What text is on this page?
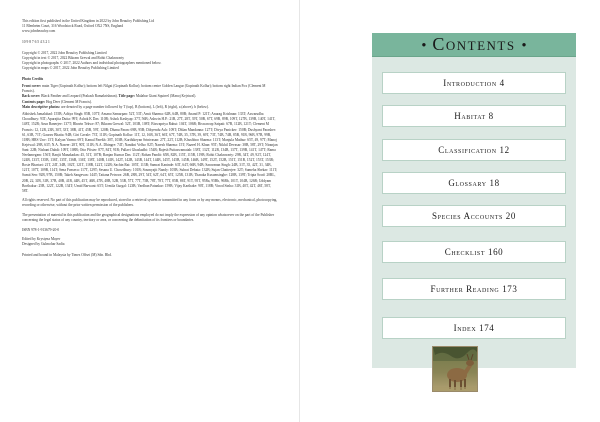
This edition first published in the United Kingdom in 2022 by John Beaufoy Publishing Ltd
11 Blenheim Court, 316 Woodstock Road, Oxford OX2 7NS, England
www.johnbeaufoy.com

10 9 8 7 6 5 4 3 2 1

Copyright © 2017, 2022 John Beaufoy Publishing Limited
Copyright in text © 2017, 2022 Bikram Grewal and Rohit Chakravarty
Copyright in photographs © 2017, 2022 Authors and individual photographers mentioned below.
Copyright in maps © 2017, 2022 John Beaufoy Publishing Limited

Photo Credits

Front cover: main Tiger (Gopinath Kollur); bottom left Nilgai (Gopinath Kollur); bottom centre Golden Langur (Gopinath Kollur); bottom right Indian Fox (Clement M Francis).
Back cover: Black Panther and Leopard (Prakash Ramakrishnan). Title page: Malabar Giant Squirrel (Manoj Kejriwal).
Contents page: Hog Deer (Clement M Francis).
Main descriptive photos: are denoted by a page number followed by T (top), B (bottom), L (left), R (right), a (above), b (below).

Abhishek Jamalabad: 155B; Aditya Singh: 85B, 107T; Amano Samarpan: 52T, 53T; Amit Sharma: 62B, 64B, 80B; Anand P: 121T; Anurag Krishnan: 133T; Aswarudha Choudhury: 93T; Apurajita Dutta: 99T; Ashok K Das: 110B; Ashok Kashyap: 37T, 56B; Ashwin H.P.: 21B, 27T, 28T, 39T, 50B, 67T, 69B, 89B, 109T, 127B, 139B, 140T, 141T, 148T, 152B; Arun Banerjee: 137T; Bhavin Tekwe: 87; Bikram Grewal: 52T, 103B, 108T; Biswapriya Rahut: 104T, 106B; Biswaroop Satpati: 67B, 112B, 121T; Clement M Francis: 12, 12B, 23B, 30T, 33T, 38B, 41T, 45B, 59T, 120B; Dhanu Paran: 69B, 95B; Dibyendu Ash: 109T; Dhlan Mandanna: 127T; Divya Panicker: 150B; Dushyant Parasher: 61, 63B, 71T; Gaurav Bhatia: 94B; Giri Cavale: 73T, 111B; Gopinath Kollur: 11T, 12, 16B, 36T, 66T, 67T, 74B, 35, 37B, 39, 69T, 73T, 74B, 74B, 85B, 91B, 96B, 97B, 99B, 118B; HRS Unv: 15T; Kalyan Varma: 69T; Kamal Parekh: 30T, 103B; Karthikeyan Srinivasan: 27T, 22T, 112B; Khushboo Sharma: 113T; Manjula Mathur: 65T, 49, 97T; Manoj Kejriwal: 29B, 63T; N.A. Naseer: 28T, 90T, 111B; N.A. Dhingre: 74T; Nandini Velho: 82T; Naresh Sharma: 15T; Nazeel H. Khan: 95T; Nikhil Devasar: 38B, 58T, 29T; Niranjan Sant: 22B; Nishant Dahdi: 109T, 108B; Otto Pfister: 87T, 84T, 91B; Pallavi Ghaskadbi: 154B; Rajesh Puttaswamaiah: 138T, 132T, 112B, 134B, 137T, 139B, 141T, 147T; Rama Neelamegam: 156T; Ranjit Manakadan: 45, 51T, 107B; Ranjan Kumar Das: 112T; Rohan Pandit: 65B, 82B, 115T, 115B, 119B; Rohit Chakravarty: 29B, 34T, 49, 92T, 124T, 124B, 133T, 135B, 136T, 135T, 136B, 136T, 138T, 140B, 141B, 142T, 142B, 143B, 144T, 144B, 145T, 145B, 145B, 146B, 149T, 152T, 152B, 151T, 151B, 152T, 153T, 153B; Rosie Bhartari: 21T, 24T, 34B, 102T, 121T, 118B, 122T, 122B; Sachin Rai: 105T, 113B; Samrat Kaninde: 63T, 64T, 66B, 94B; Saravanan Singh: 24B, 31T, 35, 42T, 31, 34B, 121T, 107T, 109B, 114T; Sena Fonseca: 117T, 129T; Sesana U. Chowdhury: 101B; Soumyajit Nandy: 105B; Subrat Debata: 132B; Sujan Chatterjee: 32T; Sumeha Shekar: 111T; Sumit Sen: 92B, 97B, 150B; Takeh Sangevan: 144T; Tatiana Petrova: 26B, 28B, 29T, 54T, 62T, 64T, 65T, 125B, 131B; Tharaka Kusumsinghe: 128B, 139T; Tripta Sood: 20BL, 20B, 22, 3JB, 31B, 37B, 40B, 41B, 44B, 45T, 46B, 47B, 48B, 52B, 53B, 57T, 77T, 75B, 78T, 78T, 77T, 85B, 86T, 91T, 95T, 95Ba, 95Bb, 96Bb, 101T, 104B, 126B; Uddyam Borthakur: 25B, 122T, 122B, 134T; Umid Barwani: 65T; Urmila Gurgal: 123B; Vardhan Patankar: 159B; Vijay Karthake: 90T, 118B; Vinod Sinha: 31B, 40T, 42T, 46T, 58T, 58T.

All rights reserved. No part of this publication may be reproduced, stored in a retrieval system or transmitted in any form or by any means, electronic, mechanical, photocopying, recording or otherwise, without the prior written permission of the publishers.

The presentation of material in this publication and the geographical designations employed do not imply the expression of any opinion whatsoever on the part of the Publisher concerning the legal status of any country, territory or area, or concerning the delimitation of its frontiers or boundaries.

ISBN 978-1-913679-20-0

Edited by Krystyna Mayer
Designed by Gulmohar Sadia

Printed and bound in Malaysia by Times Offset (M) Sdn. Bhd.

● Contents ●
Introduction 4
Habitat 8
Classification 12
Glossary 18
Species Accounts 20
Checklist 160
Further Reading 173
Index 174
